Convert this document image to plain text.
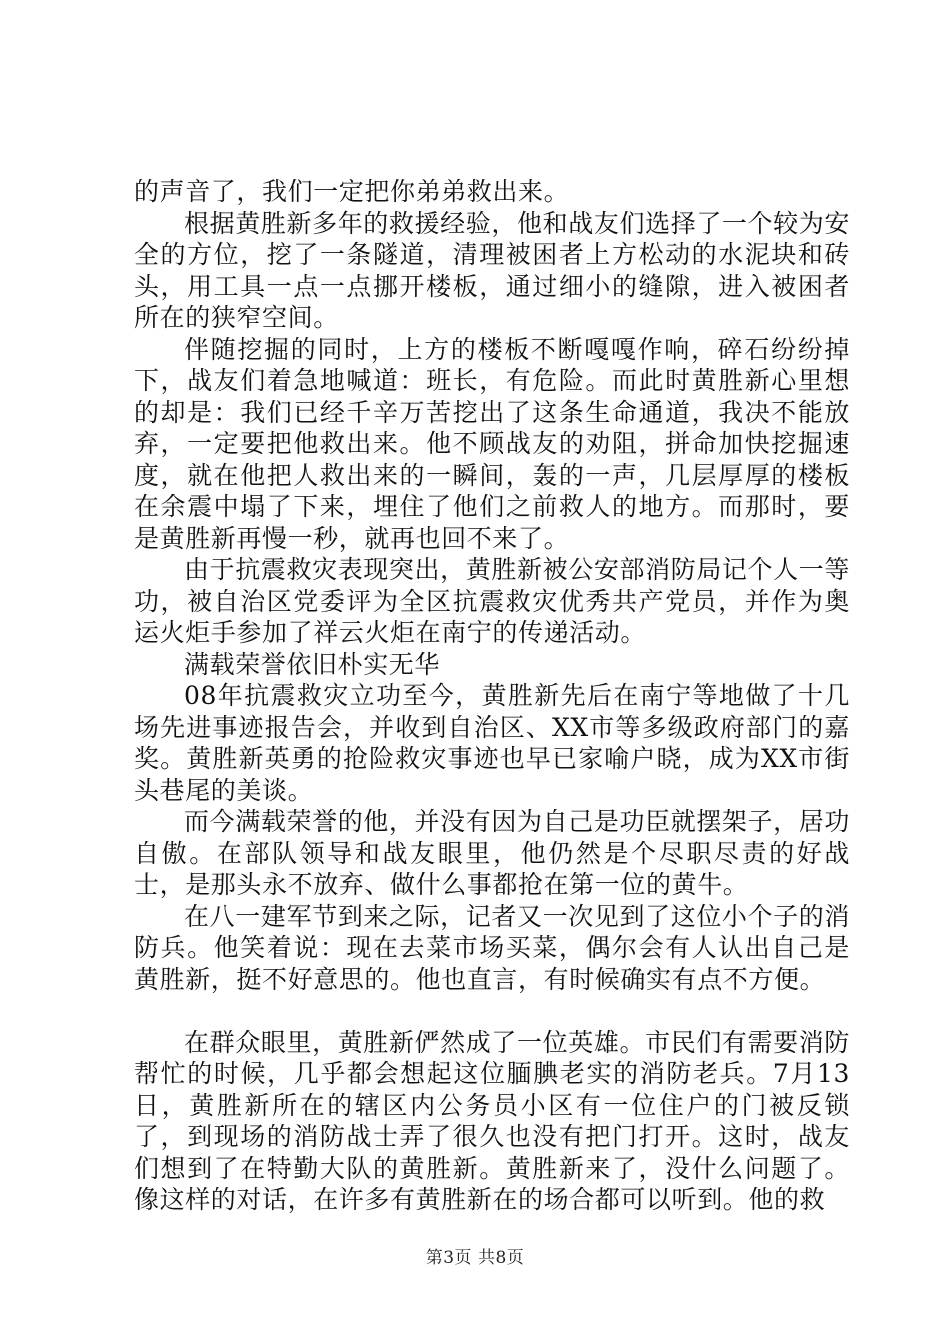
的声音了，我们一定把你弟弟救出来。

根据黄胜新多年的救援经验，他和战友们选择了一个较为安全的方位，挖了一条隧道，清理被困者上方松动的水泥块和砖头，用工具一点一点挪开楼板，通过细小的缝隙，进入被困者所在的狭窄空间。

伴随挖掘的同时，上方的楼板不断嘎嘎作响，碎石纷纷掉下，战友们着急地喊道：班长，有危险。而此时黄胜新心里想的却是：我们已经千辛万苦挖出了这条生命通道，我决不能放弃，一定要把他救出来。他不顾战友的劝阻，拼命加快挖掘速度，就在他把人救出来的一瞬间，轰的一声，几层厚厚的楼板在余震中塌了下来，埋住了他们之前救人的地方。而那时，要是黄胜新再慢一秒，就再也回不来了。

由于抗震救灾表现突出，黄胜新被公安部消防局记个人一等功，被自治区党委评为全区抗震救灾优秀共产党员，并作为奥运火炬手参加了祥云火炬在南宁的传递活动。

满载荣誉依旧朴实无华

08年抗震救灾立功至今，黄胜新先后在南宁等地做了十几场先进事迹报告会，并收到自治区、XX市等多级政府部门的嘉奖。黄胜新英勇的抢险救灾事迹也早已家喻户晓，成为XX市街头巷尾的美谈。

而今满载荣誉的他，并没有因为自己是功臣就摆架子，居功自傲。在部队领导和战友眼里，他仍然是个尽职尽责的好战士，是那头永不放弃、做什么事都抢在第一位的黄牛。

在八一建军节到来之际，记者又一次见到了这位小个子的消防兵。他笑着说：现在去菜市场买菜，偶尔会有人认出自己是黄胜新，挺不好意思的。他也直言，有时候确实有点不方便。

在群众眼里，黄胜新俨然成了一位英雄。市民们有需要消防帮忙的时候，几乎都会想起这位腼腆老实的消防老兵。7月13日，黄胜新所在的辖区内公务员小区有一位住户的门被反锁了，到现场的消防战士弄了很久也没有把门打开。这时，战友们想到了在特勤大队的黄胜新。黄胜新来了，没什么问题了。像这样的对话，在许多有黄胜新在的场合都可以听到。他的救

第3页 共8页
